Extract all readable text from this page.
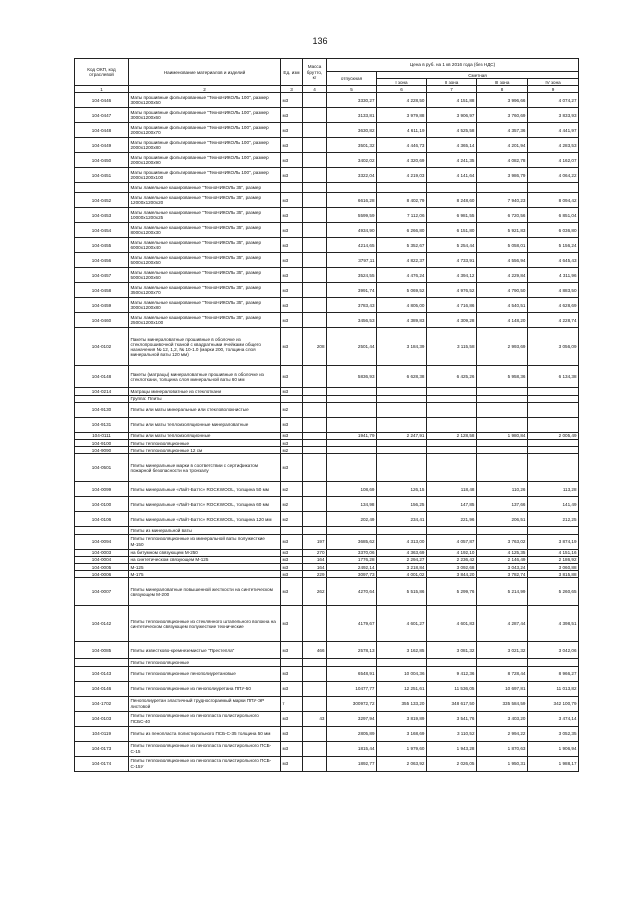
136
Код ОКП, код отраслевой	Наименование материалов и изделий	Ед. изм	Масса брутто, кг	Цена в руб. на 1 кв 2016 года (без НДС)				
				отпускная	Сметная			
					I зона	II зона	III зона	IV зона
1	2	3	4	5	6	7	8	9
104-0446	Маты прошивные фольгированные "ТехноНИКОЛЬ 100", размер 3000х1200х50	м3		3330,27	4 228,50	4 151,88	3 996,66	4 074,27
104-0447	Маты прошивные фольгированные "ТехноНИКОЛЬ 100", размер 3000х1200х60	м3		3133,81	3 979,88	3 906,97	3 760,69	3 833,93
104-0448	Маты прошивные фольгированные "ТехноНИКОЛЬ 100", размер 2000х1200х70	м3		3630,82	4 611,19	4 525,58	4 357,36	4 441,97
104-0449	Маты прошивные фольгированные "ТехноНИКОЛЬ 100", размер 2000х1200х80	м3		3501,32	4 446,73	4 365,14	4 201,94	4 283,53
104-0450	Маты прошивные фольгированные "ТехноНИКОЛЬ 100", размер 2000х1200х90	м3		3402,02	4 320,69	4 241,35	4 082,78	4 162,07
104-0451	Маты прошивные фольгированные "ТехноНИКОЛЬ 100", размер 2000х1200х100	м3		3322,04	4 219,03	4 141,64	3 986,79	4 064,22
	Маты ламельные кашированные "ТехноНИКОЛЬ 35", размер							
104-0452	Маты ламельные кашированные "ТехноНИКОЛЬ 35", размер 12000х1200х20	м3		6616,28	8 402,79	8 248,60	7 940,23	8 094,42
104-0453	Маты ламельные кашированные "ТехноНИКОЛЬ 35", размер 10000х1200х25	м3		5599,59	7 112,06	6 981,55	6 720,56	6 851,04
104-0454	Маты ламельные кашированные "ТехноНИКОЛЬ 35", размер 8000х1200х30	м3		4934,90	6 266,80	6 151,80	5 921,83	6 036,80
104-0455	Маты ламельные кашированные "ТехноНИКОЛЬ 35", размер 6000х1200х40	м3		4214,65	5 352,67	5 254,44	5 058,01	5 156,24
104-0456	Маты ламельные кашированные "ТехноНИКОЛЬ 35", размер 5000х1200х50	м3		3797,11	4 822,37	4 733,91	4 556,94	4 645,43
104-0457	Маты ламельные кашированные "ТехноНИКОЛЬ 35", размер 5000х1200х60	м3		3524,55	4 476,24	4 394,12	4 229,84	4 311,96
104-0458	Маты ламельные кашированные "ТехноНИКОЛЬ 35", размер 3500х1200х70	м3		3991,74	5 069,52	4 976,52	4 790,50	4 883,50
104-0459	Маты ламельные кашированные "ТехноНИКОЛЬ 35", размер 3000х1200х80	м3		3783,43	4 805,00	4 716,86	4 540,51	4 628,69
104-0460	Маты ламельные кашированные "ТехноНИКОЛЬ 35", размер 2500х1200х100	м3		3456,53	4 389,83	4 309,28	4 148,20	4 228,74
104-0102	Пакеты минераловатные прошивные в оболочке из стеклопрошивочной тканой с квадратными ячейками общего назначения № 12, 1,2, № 10-1.0 (марки 200, толщина слоя минеральной ваты 120 мм)	м3	208	2501,44	3 184,39	3 115,58	2 993,69	3 056,09
104-0148	Пакеты (матрацы) минераловатные прошивные в оболочке из стеклоткани, толщина слоя минеральной ваты 60 мм	м3		5836,93	6 628,38	6 425,26	5 958,36	6 134,38
104-0214	Матрацы минераловатные из стеклоткани	м3						
	Группа: Плиты							
104-9130	Плиты или маты минеральные или стекловолокнистые	м2						
104-9131	Плиты или маты теплоизоляционные минераловатные	м3						
104-0111	Плиты или маты теплоизоляционные	м3		1941,79	2 247,91	2 128,58	1 980,84	2 005,49
104-9100	Плиты теплоизоляционные	м3						
104-9090	Плиты теплоизоляционные 12 см	м2						
104-0501	Плиты минеральные марки в соответствии с сертификатом пожарной безопасности на тронзалу	м3						
104-0099	Плиты минеральные «Лайт-Баттс» ROCKWOOL, толщина 50 мм	м2		108,69	126,15	118,48	110,26	113,28
104-0100	Плиты минеральные «Лайт-Баттс» ROCKWOOL, толщина 60 мм	м2		134,98	156,25	147,85	137,66	141,49
104-0106	Плиты минеральные «Лайт-Баттс» ROCKWOOL, толщина 120 мм	м2		202,49	234,41	221,96	206,51	212,25
	Плиты из минеральной ваты							
104-0094	Плиты теплоизоляционные из минеральной ваты полужесткие М-150	м3	197	3685,62	4 313,00	4 057,87	3 763,02	3 874,19
104-0003	на битумном связующем М-250	м3	270	3370,06	4 363,69	4 192,10	4 125,35	4 151,16
104-0004	на синтетическом связующем М-125	м3	164	1776,28	2 294,27	2 236,42	2 146,49	2 186,92
104-0005	М-125	м3	164	2492,14	3 218,84	3 092,68	3 043,24	3 060,88
104-0006	М-175	м3	229	3097,73	4 001,02	3 844,20	3 782,74	3 815,88
104-0007	Плиты минераловатные повышенной жесткости на синтетическом связующем М-200	м3	262	4270,64	5 515,86	5 299,76	5 214,99	5 260,65
104-0142	Плиты теплоизоляционные из стеклянного штапельного волокна на синтетическом связующем полужесткие технические	м3		4179,67	4 601,27	4 601,83	4 287,44	4 398,51
104-0085	Плиты известково-кремнеземистые "Престепла"	м3	466	2578,13	3 162,85	3 081,32	3 021,32	3 042,06
	Плиты теплоизоляционные							
104-0143	Плиты теплоизоляционные пенополиуретановые	м3		6548,91	10 004,36	9 412,36	8 728,44	8 966,27
104-0146	Плиты теплоизоляционные из пенополиуретана ППУ-50	м3		10477,77	12 251,61	11 536,05	10 697,81	11 013,82
104-1702	Пенополиуретан эластичный трудносгораемый марки ППУ-ЭР листовой	т		300972,72	355 133,20	348 617,50	335 584,59	342 100,79
104-0103	Плиты теплоизоляционные из пенопласта полистирольного ПСБС-40	м3	43	3297,94	3 819,89	3 541,76	3 403,20	3 474,14
104-0119	Плиты из пенопласта полистирольного ПСБ-С-35 толщина 50 мм	м3		2805,89	3 168,69	3 110,52	2 994,22	3 052,35
104-0173	Плиты теплоизоляционные из пенопласта полистирольного ПСБ-С-15	м3		1815,44	1 979,60	1 943,28	1 870,63	1 906,94
104-0174	Плиты теплоизоляционные из пенопласта полистирольного ПСБ-С-15У	м3		1892,77	2 063,92	2 026,05	1 950,31	1 988,17
